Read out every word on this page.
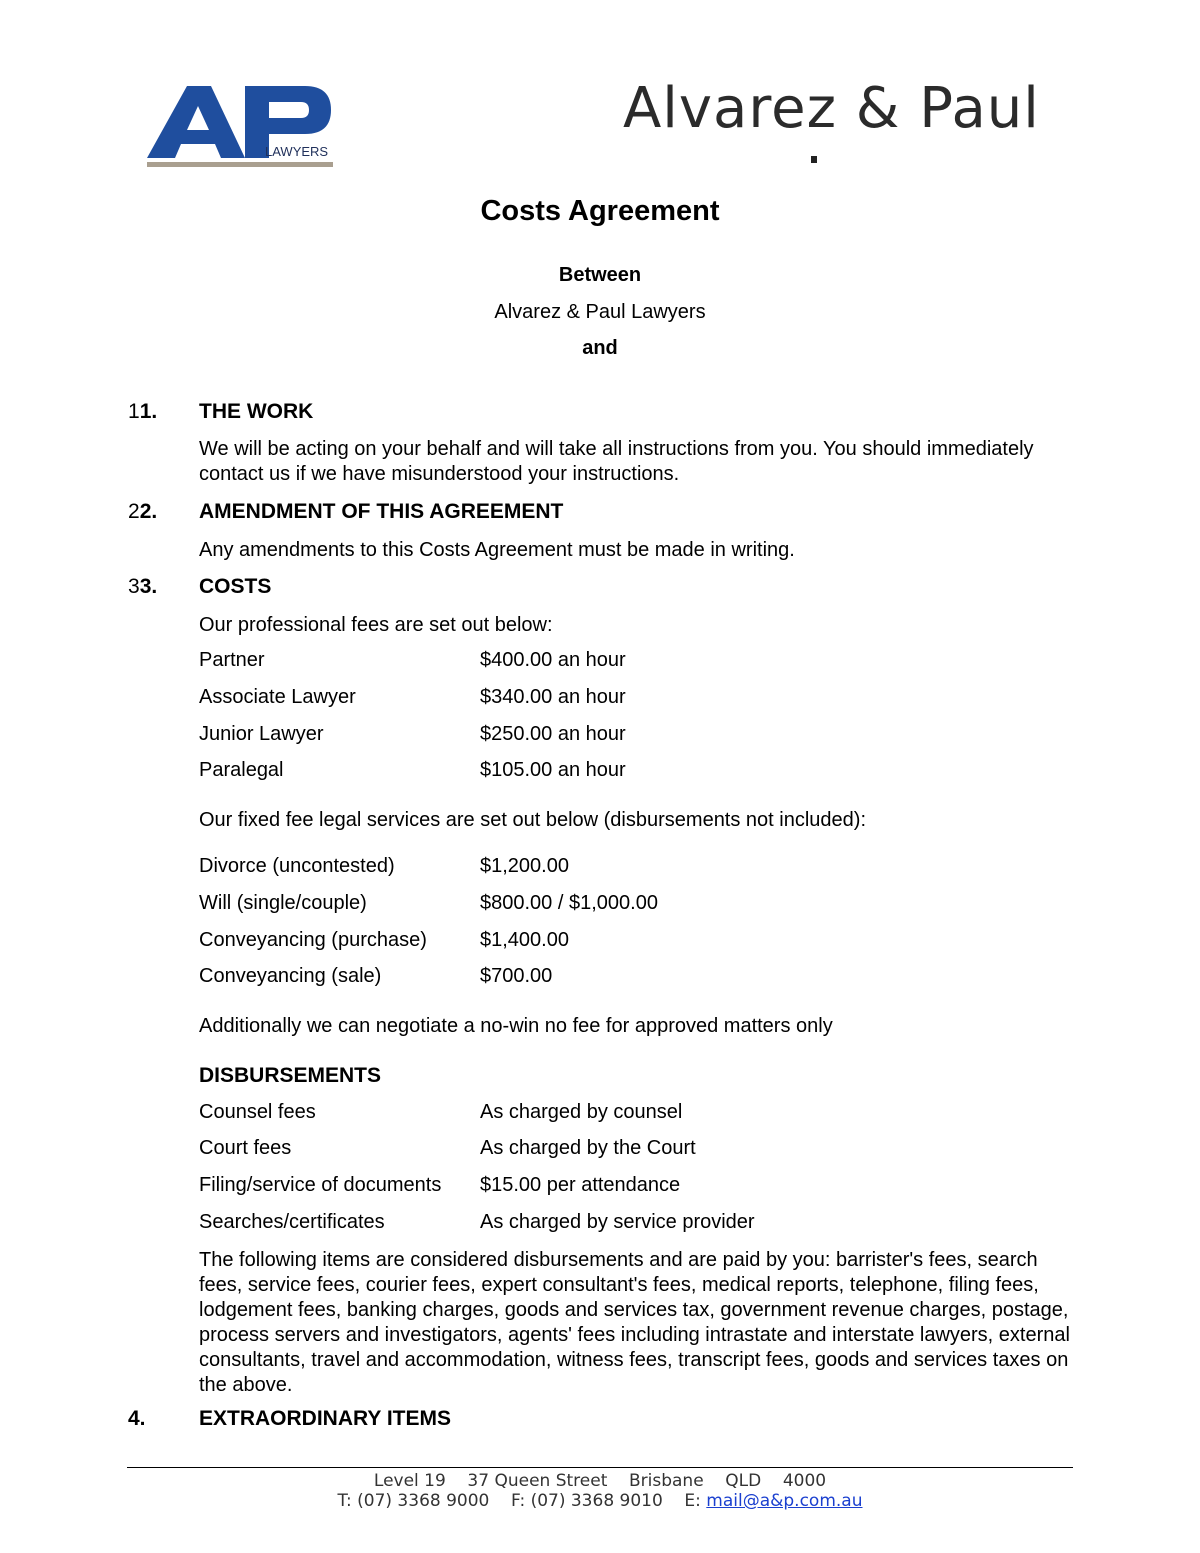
LAWYERS
Alvarez & Paul
Costs Agreement
Between
Alvarez & Paul Lawyers
and
11. THE WORK
We will be acting on your behalf and will take all instructions from you. You should immediately contact us if we have misunderstood your instructions.
22. AMENDMENT OF THIS AGREEMENT
Any amendments to this Costs Agreement must be made in writing.
33. COSTS
Our professional fees are set out below:
Partner	$400.00 an hour
Associate Lawyer	$340.00 an hour
Junior Lawyer	$250.00 an hour
Paralegal	$105.00 an hour
Our fixed fee legal services are set out below (disbursements not included):
Divorce (uncontested)	$1,200.00
Will (single/couple)	$800.00 / $1,000.00
Conveyancing (purchase)	$1,400.00
Conveyancing (sale)	$700.00
Additionally we can negotiate a no-win no fee for approved matters only
DISBURSEMENTS
Counsel fees	As charged by counsel
Court fees	As charged by the Court
Filing/service of documents $15.00 per attendance
Searches/certificates	As charged by service provider
The following items are considered disbursements and are paid by you: barrister's fees, search fees, service fees, courier fees, expert consultant's fees, medical reports, telephone, filing fees, lodgement fees, banking charges, goods and services tax, government revenue charges, postage, process servers and investigators, agents' fees including intrastate and interstate lawyers, external consultants, travel and accommodation, witness fees, transcript fees, goods and services taxes on the above.
4.	EXTRAORDINARY ITEMS
Level 19    37 Queen Street    Brisbane    QLD    4000
T: (07) 3368 9000    F: (07) 3368 9010    E: mail@a&p.com.au
